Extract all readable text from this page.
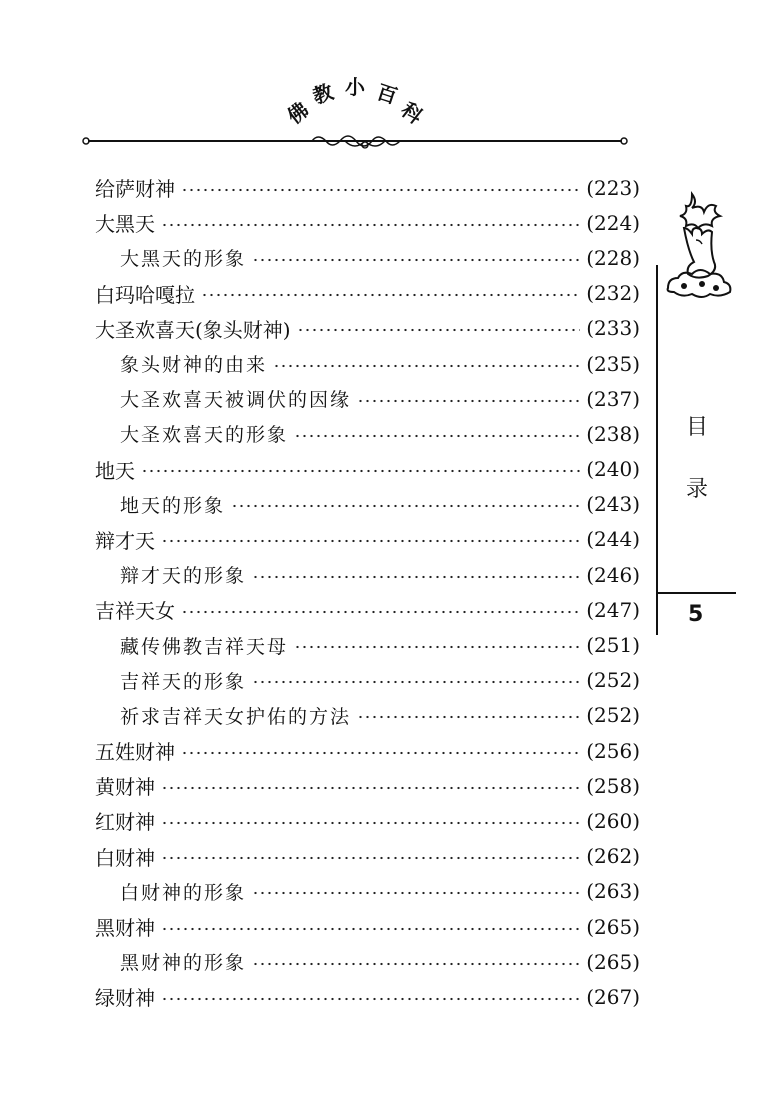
佛
教 小 百
科
给萨财神	(223)
大黑天	(224)
大黑天的形象	(228)
白玛哈嘎拉	(232)
大圣欢喜天(象头财神)	(233)
象头财神的由来	(235)
大圣欢喜天被调伏的因缘	(237)
大圣欢喜天的形象	(238)
地天	(240)
地天的形象	(243)
辩才天	(244)
辩才天的形象	(246)
吉祥天女	(247)
藏传佛教吉祥天母	(251)
吉祥天的形象	(252)
祈求吉祥天女护佑的方法	(252)
五姓财神	(256)
黄财神	(258)
红财神	(260)
白财神	(262)
白财神的形象	(263)
黑财神	(265)
黑财神的形象	(265)
绿财神	(267)
目
录
5
